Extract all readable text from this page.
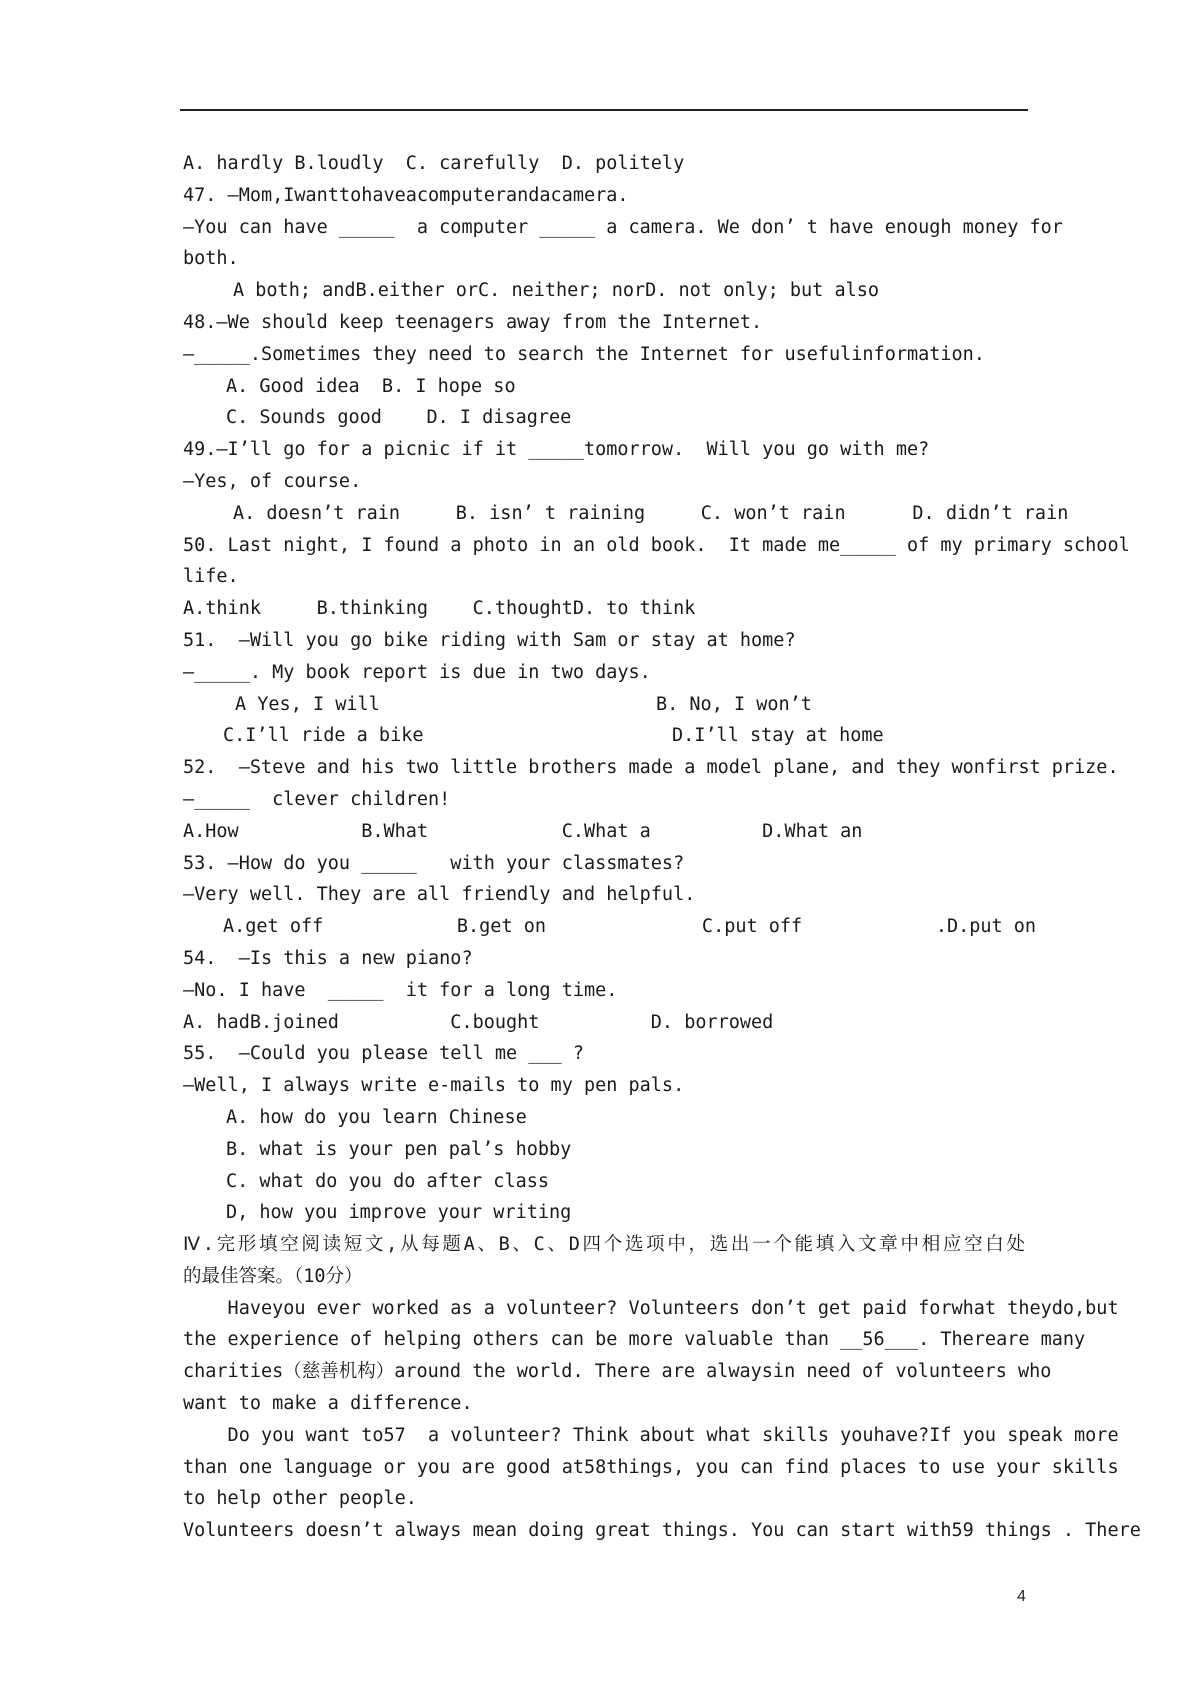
A. hardly B.loudly  C. carefully  D. politely
47. —Mom,Iwanttohaveacomputerandacamera.
—You can have _____  a computer _____ a camera. We don’ t have enough money for
both.
A both; andB.either orC. neither; norD. not only; but also
48.—We should keep teenagers away from the Internet.
—_____.Sometimes they need to search the Internet for usefulinformation.
A. Good idea  B. I hope so
C. Sounds good    D. I disagree
49.—I’ll go for a picnic if it _____tomorrow.  Will you go with me?
—Yes, of course.
A. doesn’t rain     B. isn’ t raining     C. won’t rain      D. didn’t rain
50. Last night, I found a photo in an old book.  It made me_____ of my primary school
life.
A.think     B.thinking    C.thoughtD. to think
51.  —Will you go bike riding with Sam or stay at home?
—_____. My book report is due in two days.
A Yes, I will	B. No, I won’t
C.I’ll ride a bike	D.I’ll stay at home
52.  —Steve and his two little brothers made a model plane, and they wonfirst prize.
—_____  clever children!
A.How           B.What            C.What a          D.What an
53. —How do you _____   with your classmates?
—Very well. They are all friendly and helpful.
A.get off            B.get on              C.put off            .D.put on
54.  —Is this a new piano?
—No. I have  _____  it for a long time.
A. hadB.joined          C.bought          D. borrowed
55.  —Could you please tell me ___ ?
—Well, I always write e-mails to my pen pals.
A. how do you learn Chinese
B. what is your pen pal’s hobby
C. what do you do after class
D, how you improve your writing
Ⅳ.完形填空阅读短文,从每题A、B、C、D四个选项中，选出一个能填入文章中相应空白处
的最佳答案。（10分）
Haveyou ever worked as a volunteer? Volunteers don’t get paid forwhat theydo,but
the experience of helping others can be more valuable than __56___. Thereare many
charities（慈善机构）around the world. There are alwaysin need of volunteers who
want to make a difference.
Do you want to57  a volunteer? Think about what skills youhave?If you speak more
than one language or you are good at58things, you can find places to use your skills
to help other people.
Volunteers doesn’t always mean doing great things. You can start with59 things . There
4
